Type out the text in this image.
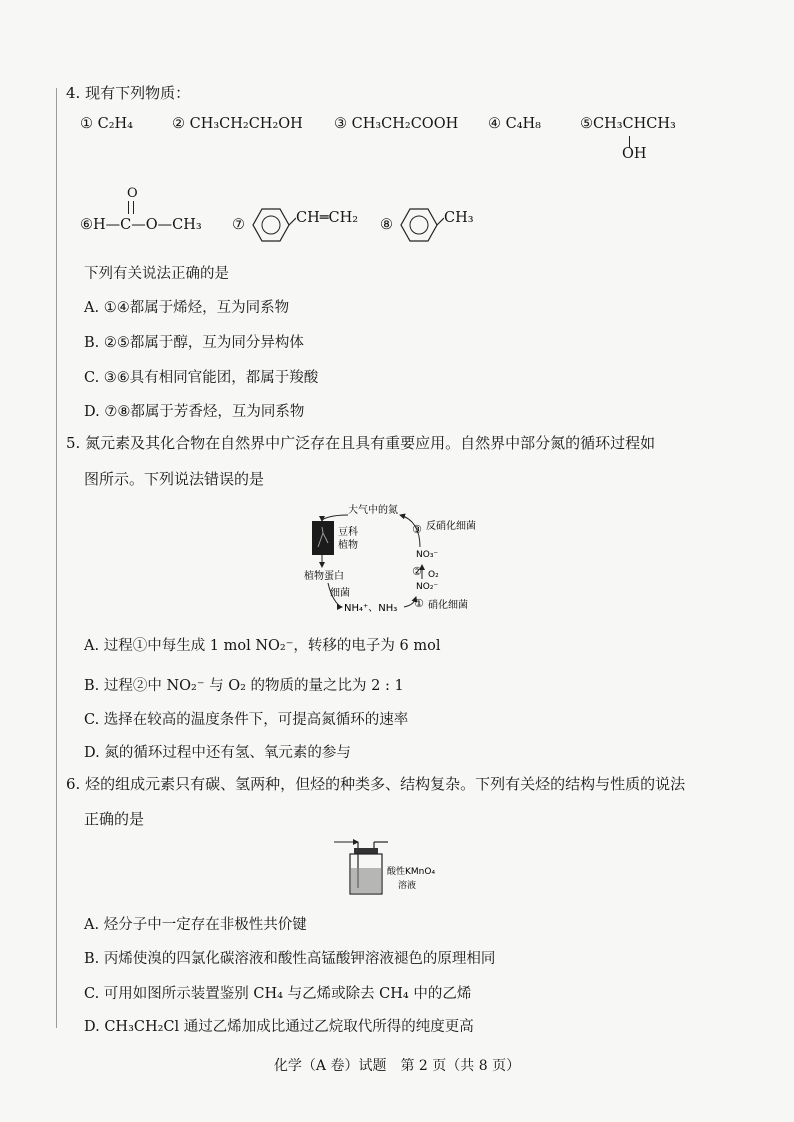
4. 现有下列物质：
① C₂H₄	② CH₃CH₂CH₂OH ③ CH₃CH₂COOH ④ C₄H₈	⑤CH₃CHCH₃
OH
O
⑥H—C—O—CH₃ ⑦	CH═CH₂ ⑧	CH₃
下列有关说法正确的是
A. ①④都属于烯烃，互为同系物
B. ②⑤都属于醇，互为同分异构体
C. ③⑥具有相同官能团，都属于羧酸
D. ⑦⑧都属于芳香烃，互为同系物
5. 氮元素及其化合物在自然界中广泛存在且具有重要应用。自然界中部分氮的循环过程如
图所示。下列说法错误的是
大气中的氮
豆科
植物
植物蛋白
细菌
NH₄⁺、NH₃ ① 硝化细菌
NO₂⁻
② O₂
NO₃⁻
③ 反硝化细菌
A. 过程①中每生成 1 mol NO₂⁻，转移的电子为 6 mol
B. 过程②中 NO₂⁻ 与 O₂ 的物质的量之比为 2 : 1
C. 选择在较高的温度条件下，可提高氮循环的速率
D. 氮的循环过程中还有氢、氧元素的参与
6. 烃的组成元素只有碳、氢两种，但烃的种类多、结构复杂。下列有关烃的结构与性质的说法
正确的是
酸性KMnO₄
溶液
A. 烃分子中一定存在非极性共价键
B. 丙烯使溴的四氯化碳溶液和酸性高锰酸钾溶液褪色的原理相同
C. 可用如图所示装置鉴别 CH₄ 与乙烯或除去 CH₄ 中的乙烯
D. CH₃CH₂Cl 通过乙烯加成比通过乙烷取代所得的纯度更高
化学（A 卷）试题　第 2 页（共 8 页）
